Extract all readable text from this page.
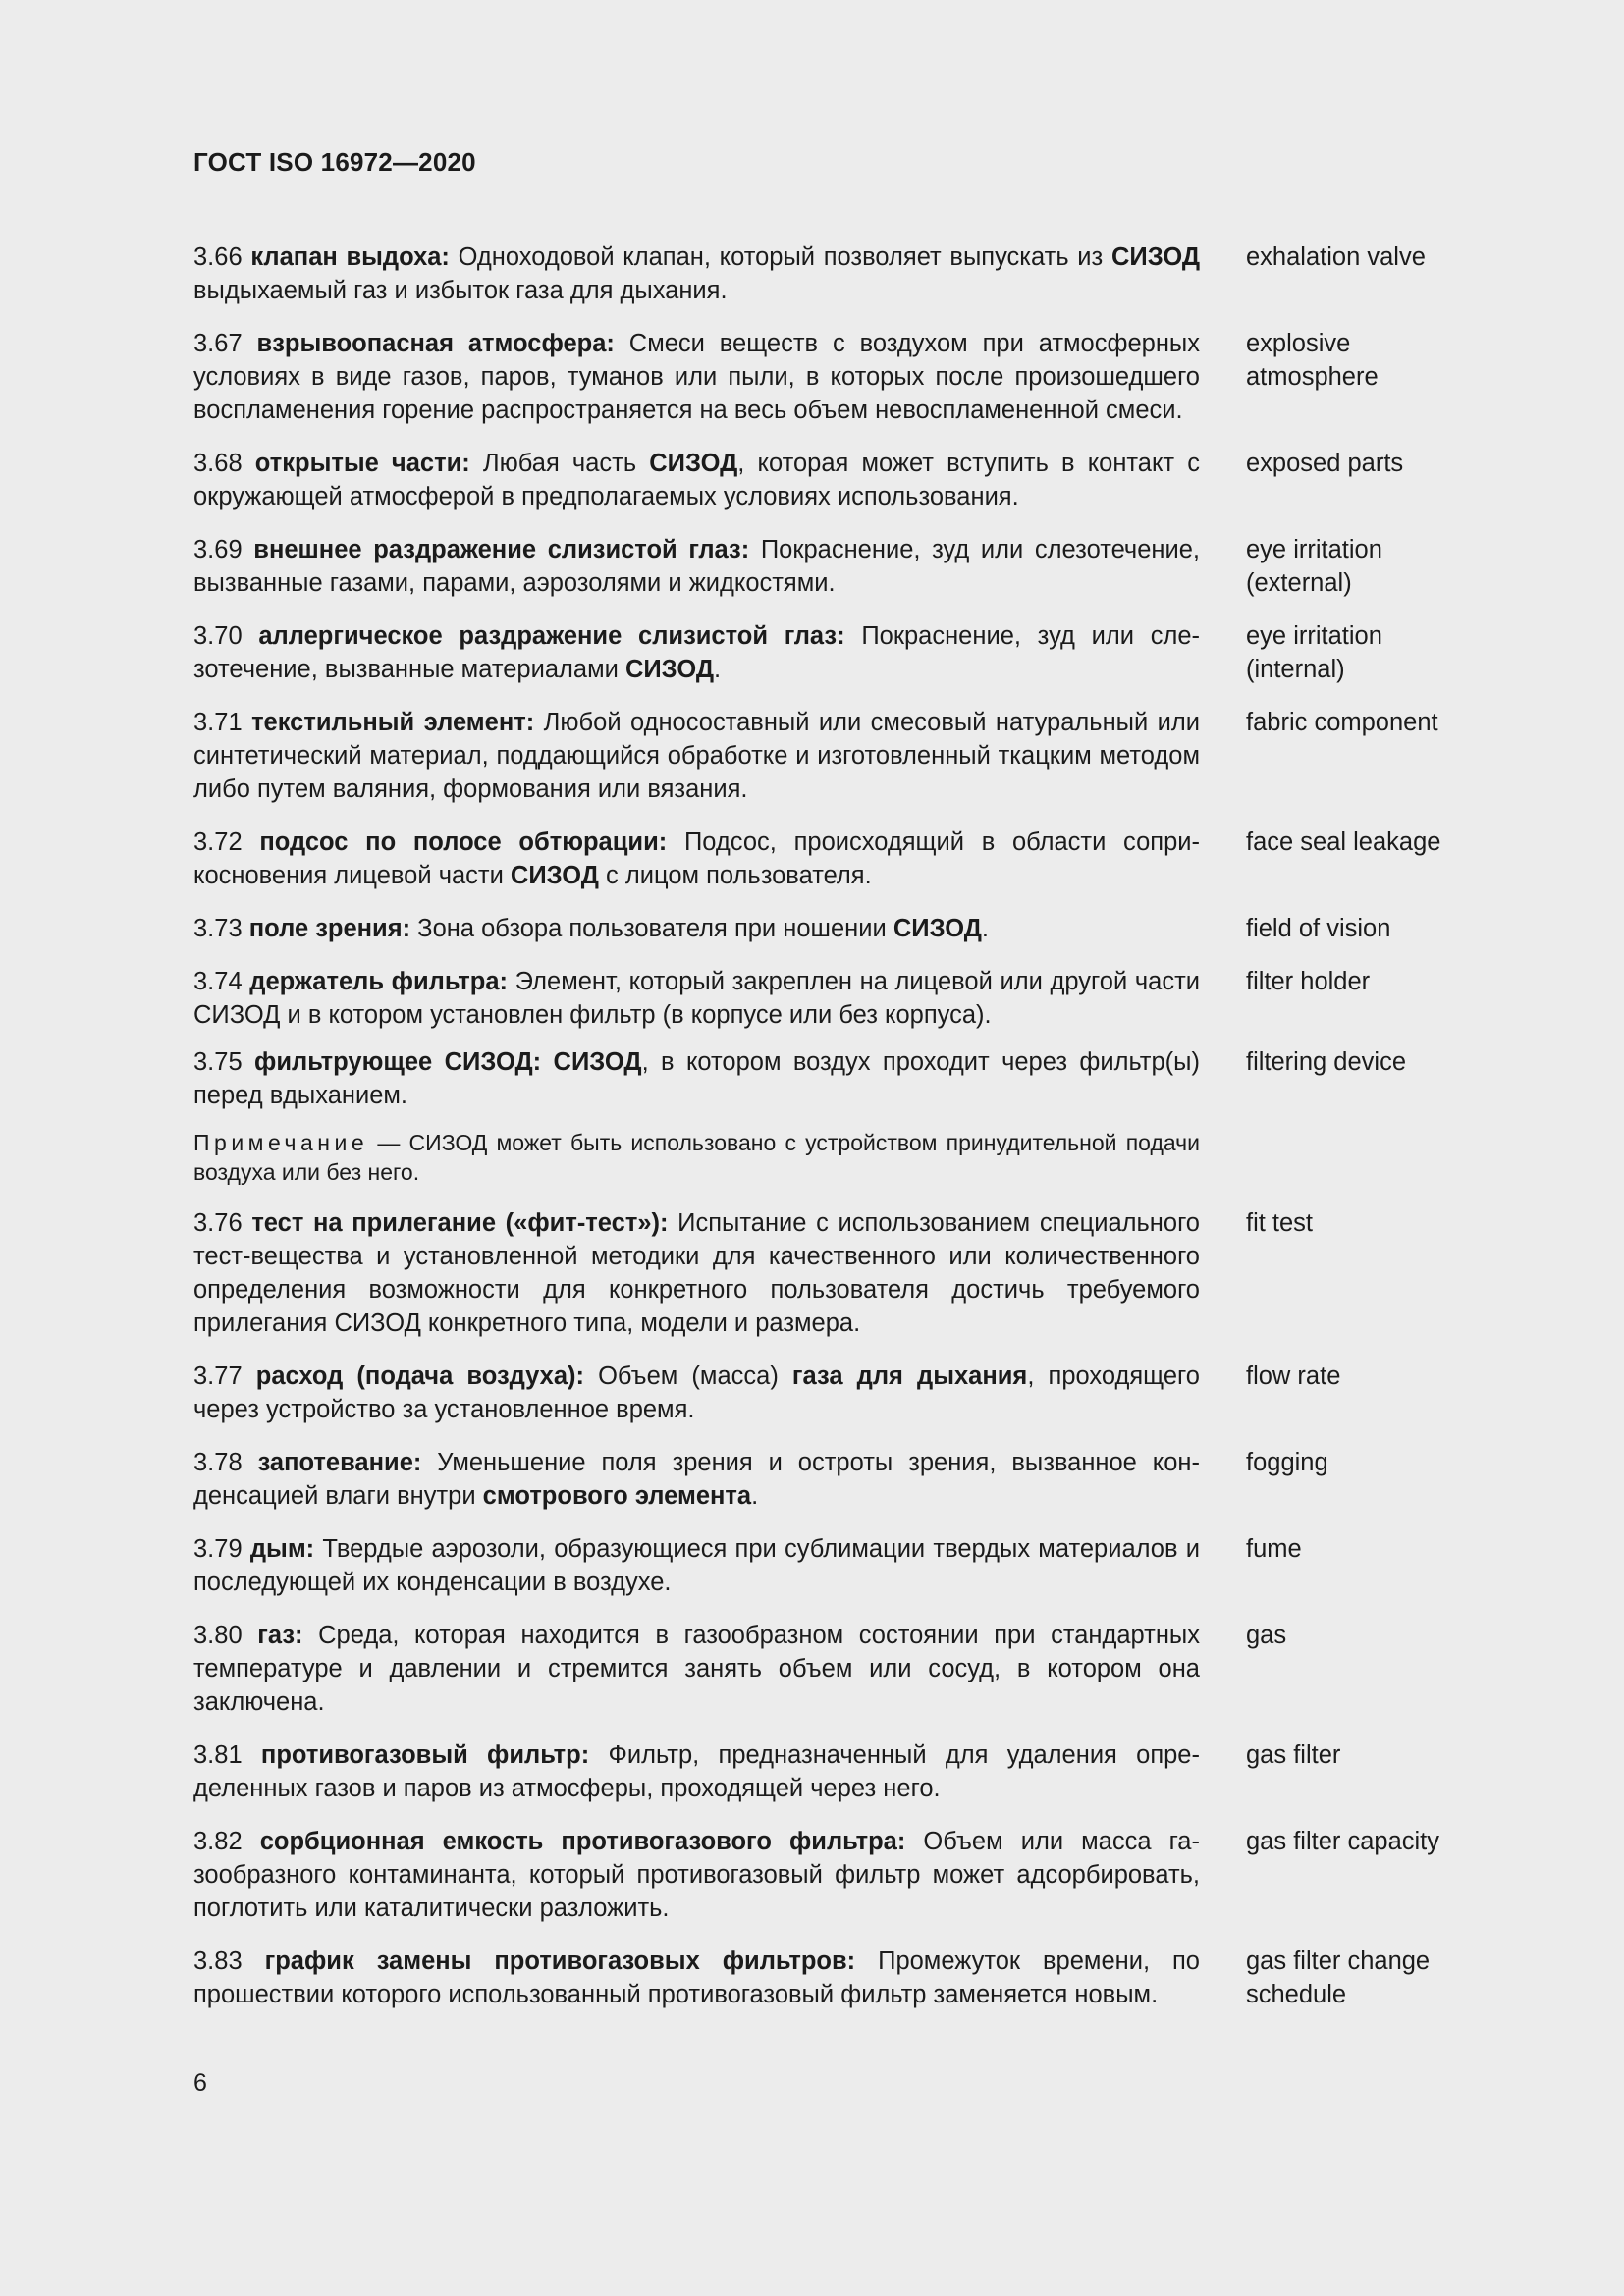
ГОСТ ISO 16972—2020
3.66 клапан выдоха: Одноходовой клапан, который позволяет выпускать из СИЗОД выдыхаемый газ и избыток газа для дыхания.
exhalation valve
3.67 взрывоопасная атмосфера: Смеси веществ с воздухом при атмосферных условиях в виде газов, паров, туманов или пыли, в которых после произошедшего воспламенения горение распространяется на весь объем невоспламененной смеси.
explosive atmosphere
3.68 открытые части: Любая часть СИЗОД, которая может вступить в контакт с окружающей атмосферой в предполагаемых условиях использования.
exposed parts
3.69 внешнее раздражение слизистой глаз: Покраснение, зуд или слезотечение, вызванные газами, парами, аэрозолями и жидкостями.
eye irritation (external)
3.70 аллергическое раздражение слизистой глаз: Покраснение, зуд или слезотечение, вызванные материалами СИЗОД.
eye irritation (internal)
3.71 текстильный элемент: Любой односоставный или смесовый натуральный или синтетический материал, поддающийся обработке и изготовленный ткацким методом либо путем валяния, формования или вязания.
fabric component
3.72 подсос по полосе обтюрации: Подсос, происходящий в области соприкосновения лицевой части СИЗОД с лицом пользователя.
face seal leakage
3.73 поле зрения: Зона обзора пользователя при ношении СИЗОД.	field of vision
3.74 держатель фильтра: Элемент, который закреплен на лицевой или другой части СИЗОД и в котором установлен фильтр (в корпусе или без корпуса).
filter holder
3.75 фильтрующее СИЗОД: СИЗОД, в котором воздух проходит через фильтр(ы) перед вдыханием.
filtering device
Примечание — СИЗОД может быть использовано с устройством принудительной подачи воздуха или без него.
3.76 тест на прилегание («фит-тест»): Испытание с использованием специального тест-вещества и установленной методики для качественного или количественного определения возможности для конкретного пользователя достичь требуемого прилегания СИЗОД конкретного типа, модели и размера.
fit test
3.77 расход (подача воздуха): Объем (масса) газа для дыхания, проходящего через устройство за установленное время.
flow rate
3.78 запотевание: Уменьшение поля зрения и остроты зрения, вызванное конденсацией влаги внутри смотрового элемента.
fogging
3.79 дым: Твердые аэрозоли, образующиеся при сублимации твердых материалов и последующей их конденсации в воздухе.
fume
3.80 газ: Среда, которая находится в газообразном состоянии при стандартных температуре и давлении и стремится занять объем или сосуд, в котором она заключена.
gas
3.81 противогазовый фильтр: Фильтр, предназначенный для удаления определенных газов и паров из атмосферы, проходящей через него.
gas filter
3.82 сорбционная емкость противогазового фильтра: Объем или масса газообразного контаминанта, который противогазовый фильтр может адсорбировать, поглотить или каталитически разложить.
gas filter capacity
3.83 график замены противогазовых фильтров: Промежуток времени, по прошествии которого использованный противогазовый фильтр заменяется новым.
gas filter change schedule
6
